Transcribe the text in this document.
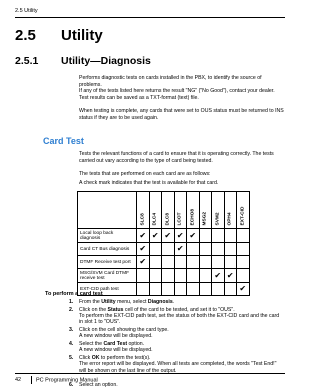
2.5 Utility
2.5 Utility
2.5.1 Utility—Diagnosis
Performs diagnostic tests on cards installed in the PBX, to identify the source of problems.
If any of the tests listed here returns the result "NG" ("No Good"), contact your dealer. Test results can be saved as a TXT-format (text) file.
When testing is complete, any cards that were set to OUS status must be returned to INS status if they are to be used again.
Card Test
Tests the relevant functions of a card to ensure that it is operating correctly. The tests carried out vary according to the type of card being tested.
The tests that are performed on each card are as follows:
A check mark indicates that the test is available for that card.

	SLC8	DLC4	DLC8	LCOT	ECHO8	MSG2	SVM2	OPH4	EXT-CID

Local loop back diagnosis	✔	✔	✔	✔	✔				
Card CT Bus diagnosis	✔			✔					
DTMF Receive test port	✔								
MSG/SVM Card DTMF receive test							✔	✔	
EXT-CID path test									✔
To perform a card test
1. From the Utility menu, select Diagnosis.
2. Click on the Status cell of the card to be tested, and set it to "OUS".
To perform the EXT-CID path test, set the status of both the EXT-CID card and the card in slot 1 to "OUS".
3. Click on the cell showing the card type.
A new window will be displayed.
4. Select the Card Test option.
A new window will be displayed.
5. Click OK to perform the test(s).
The error report will be displayed. When all tests are completed, the words "Test End!" will be shown on the last line of the output.
6. Select an option.
42	PC Programming Manual
